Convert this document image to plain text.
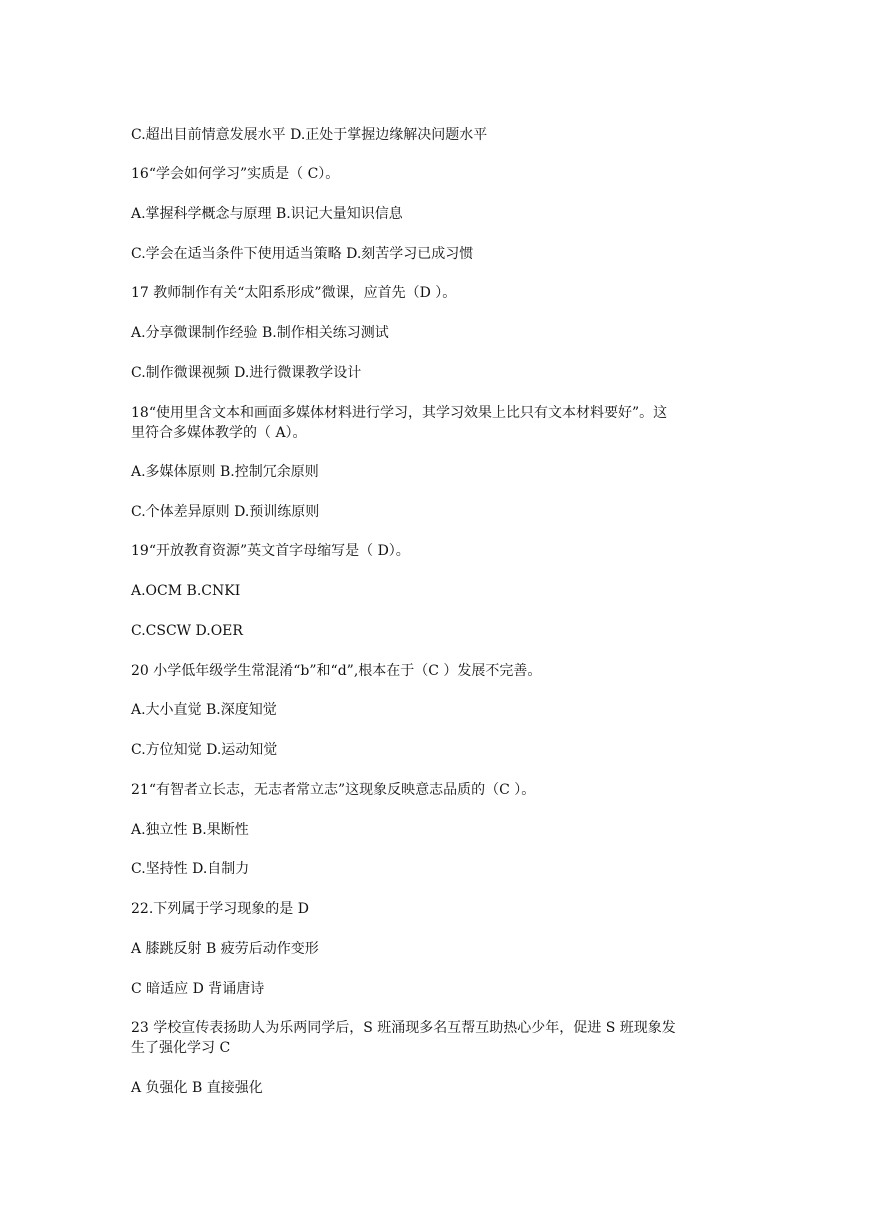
C.超出目前情意发展水平 D.正处于掌握边缘解决问题水平

16“学会如何学习”实质是（ C）。

A.掌握科学概念与原理 B.识记大量知识信息

C.学会在适当条件下使用适当策略 D.刻苦学习已成习惯

17 教师制作有关“太阳系形成”微课，应首先（D ）。

A.分享微课制作经验 B.制作相关练习测试

C.制作微课视频 D.进行微课教学设计

18“使用里含文本和画面多媒体材料进行学习，其学习效果上比只有文本材料要好”。这

里符合多媒体教学的（ A）。

A.多媒体原则 B.控制冗余原则

C.个体差异原则 D.预训练原则

19“开放教育资源”英文首字母缩写是（ D）。

A.OCM B.CNKI

C.CSCW D.OER

20 小学低年级学生常混淆“b”和“d”,根本在于（C ）发展不完善。

A.大小直觉 B.深度知觉

C.方位知觉 D.运动知觉

21“有智者立长志，无志者常立志”这现象反映意志品质的（C ）。

A.独立性 B.果断性

C.坚持性 D.自制力

22.下列属于学习现象的是 D

A 膝跳反射 B 疲劳后动作变形

C 暗适应 D 背诵唐诗

23 学校宣传表扬助人为乐两同学后，S 班涌现多名互帮互助热心少年，促进 S 班现象发

生了强化学习 C

A 负强化 B 直接强化
